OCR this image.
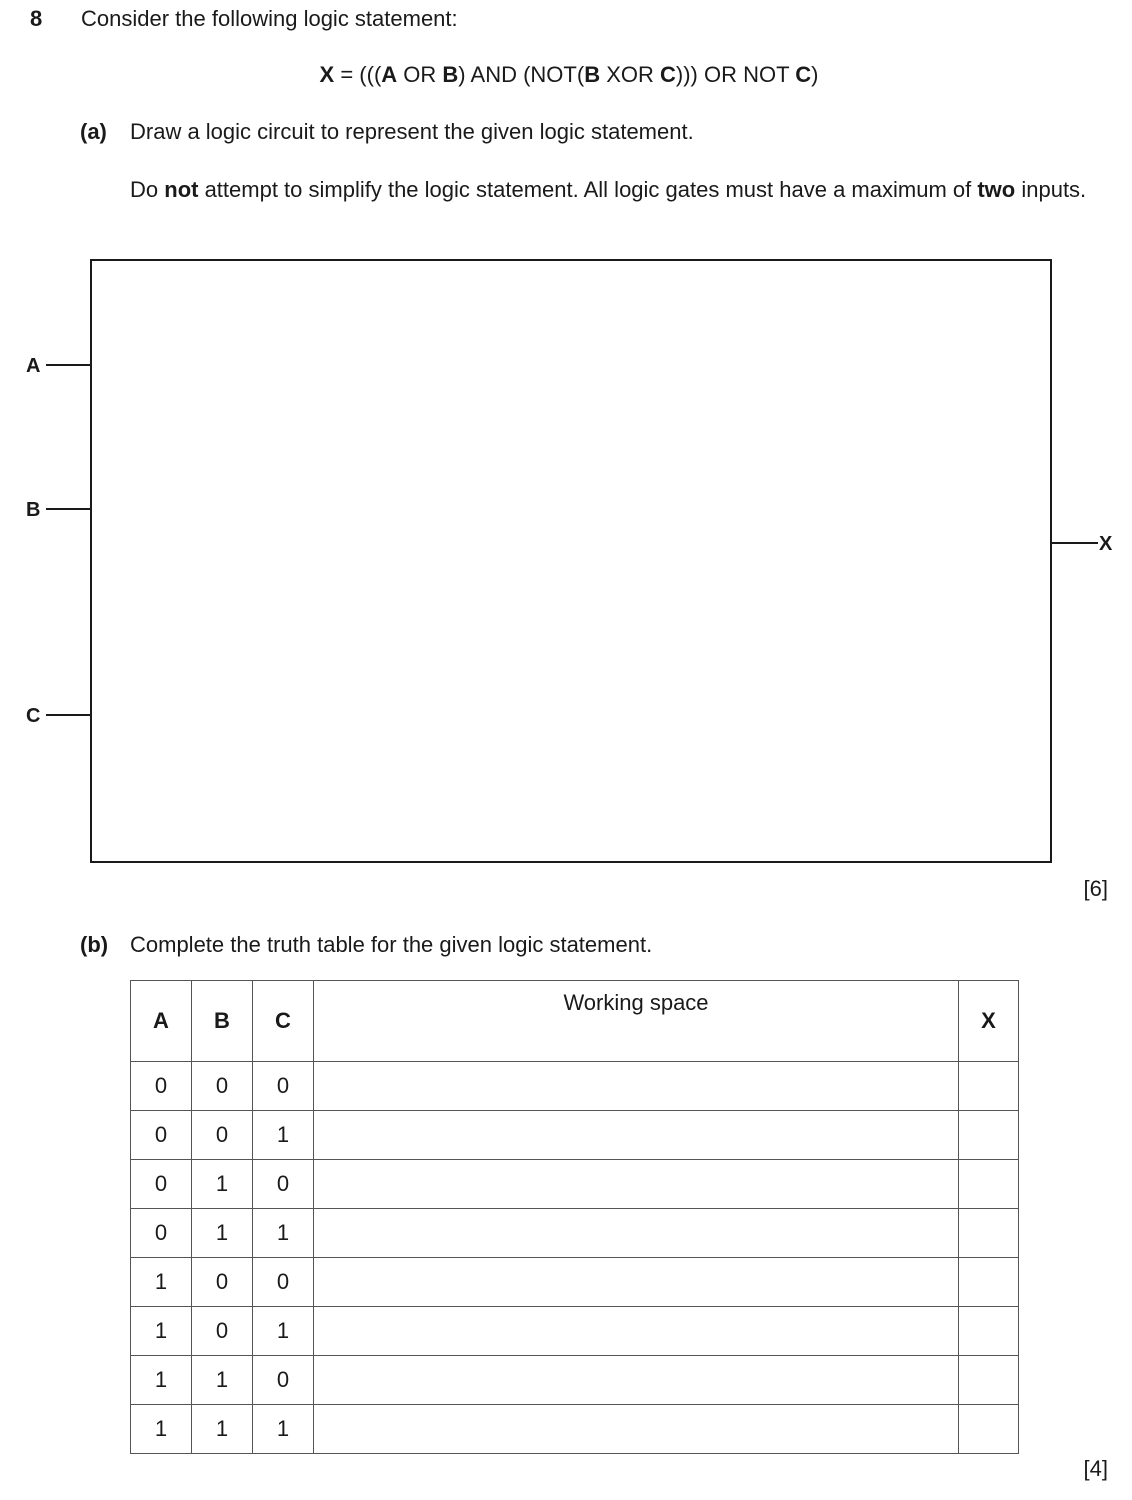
8 Consider the following logic statement:
X = (((A OR B) AND (NOT(B XOR C))) OR NOT C)
(a) Draw a logic circuit to represent the given logic statement.
Do not attempt to simplify the logic statement. All logic gates must have a maximum of two inputs.
A
B
C
X
[6]
(b) Complete the truth table for the given logic statement.
A	B	C	Working space	X
0	0	0		
0	0	1		
0	1	0		
0	1	1		
1	0	0		
1	0	1		
1	1	0		
1	1	1		
[4]
